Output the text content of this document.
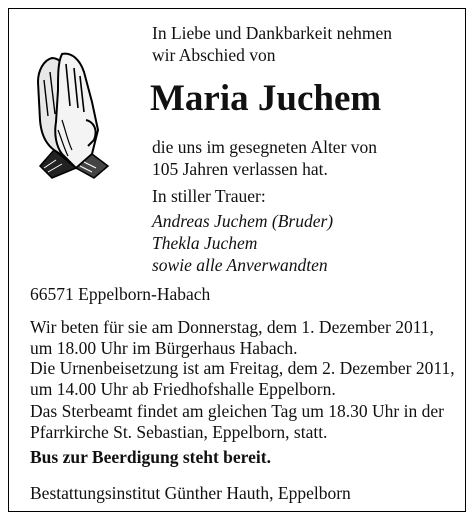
In Liebe und Dankbarkeit nehmen
wir Abschied von

Maria Juchem

die uns im gesegneten Alter von
105 Jahren verlassen hat.

In stiller Trauer:

Andreas Juchem (Bruder)
Thekla Juchem
sowie alle Anverwandten

66571 Eppelborn-Habach

Wir beten für sie am Donnerstag, dem 1. Dezember 2011,
um 18.00 Uhr im Bürgerhaus Habach.

Die Urnenbeisetzung ist am Freitag, dem 2. Dezember 2011,
um 14.00 Uhr ab Friedhofshalle Eppelborn.

Das Sterbeamt findet am gleichen Tag um 18.30 Uhr in der
Pfarrkirche St. Sebastian, Eppelborn, statt.

Bus zur Beerdigung steht bereit.

Bestattungsinstitut Günther Hauth, Eppelborn
